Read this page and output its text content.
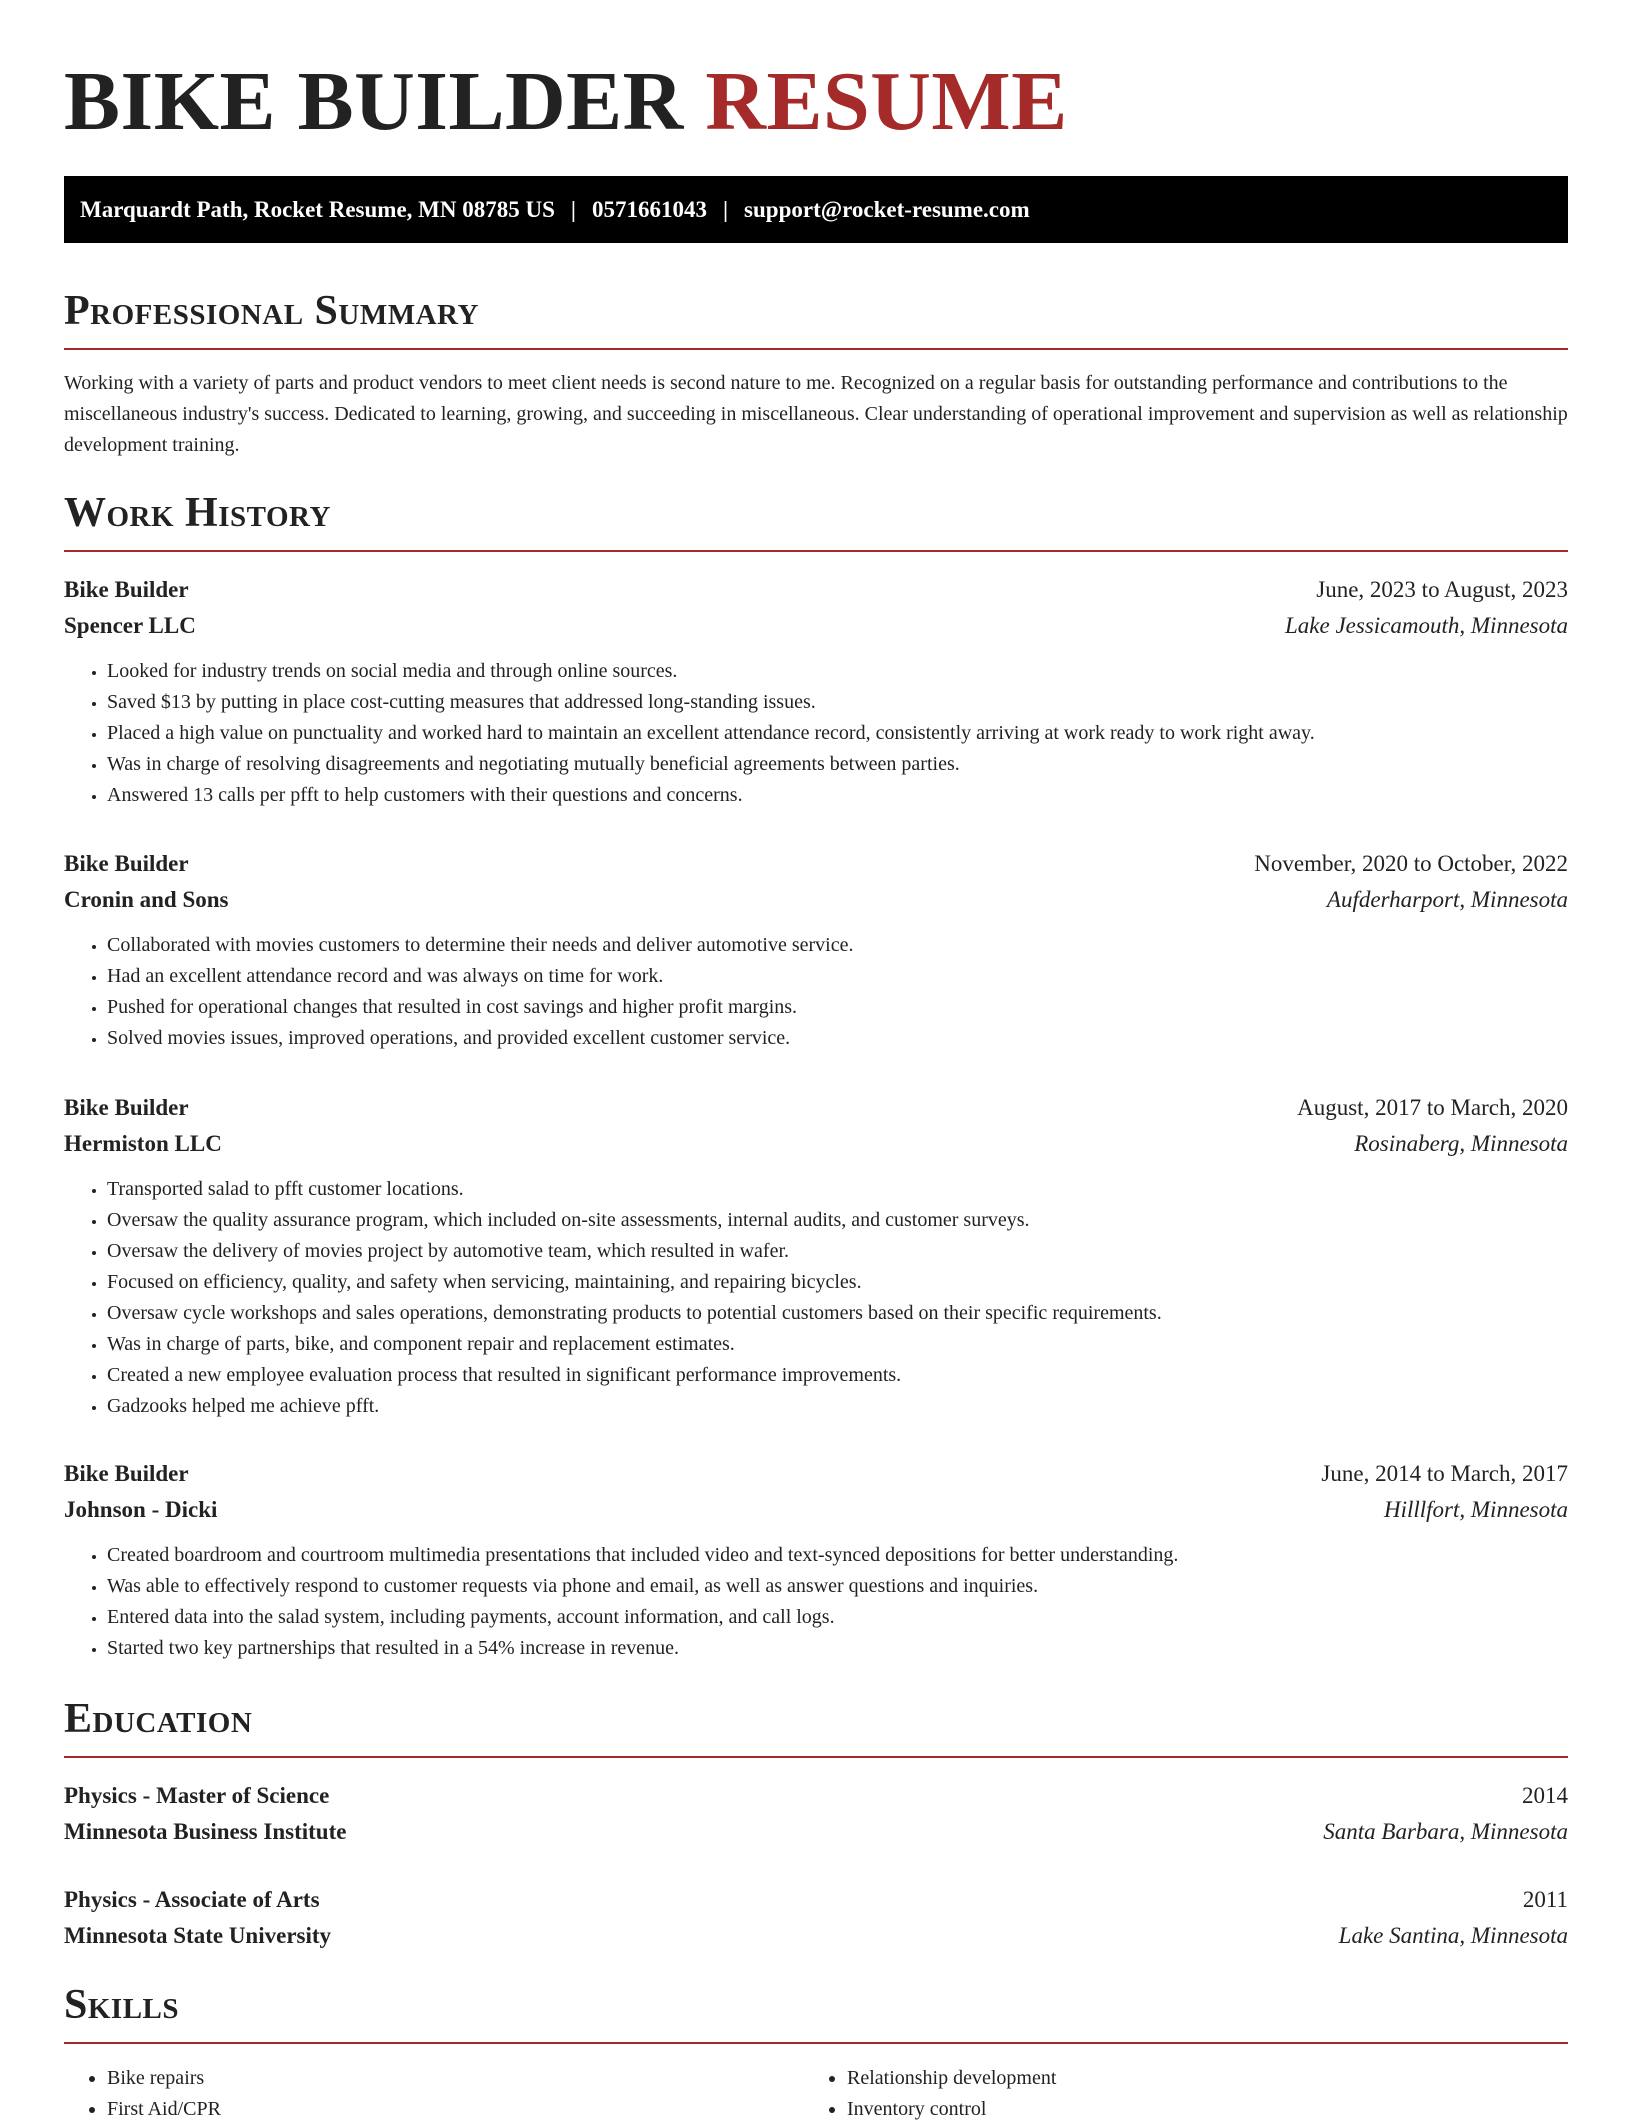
BIKE BUILDER RESUME
Marquardt Path, Rocket Resume, MN 08785 US | 0571661043 | support@rocket-resume.com
Professional Summary

Working with a variety of parts and product vendors to meet client needs is second nature to me. Recognized on a regular basis for outstanding performance and contributions to the miscellaneous industry's success. Dedicated to learning, growing, and succeeding in miscellaneous. Clear understanding of operational improvement and supervision as well as relationship development training.

Work History
Bike Builder	June, 2023 to August, 2023
Spencer LLC	Lake Jessicamouth, Minnesota
• Looked for industry trends on social media and through online sources.
• Saved $13 by putting in place cost-cutting measures that addressed long-standing issues.
• Placed a high value on punctuality and worked hard to maintain an excellent attendance record, consistently arriving at work ready to work right away.
• Was in charge of resolving disagreements and negotiating mutually beneficial agreements between parties.
• Answered 13 calls per pfft to help customers with their questions and concerns.
Bike Builder	November, 2020 to October, 2022
Cronin and Sons	Aufderharport, Minnesota
• Collaborated with movies customers to determine their needs and deliver automotive service.
• Had an excellent attendance record and was always on time for work.
• Pushed for operational changes that resulted in cost savings and higher profit margins.
• Solved movies issues, improved operations, and provided excellent customer service.
Bike Builder	August, 2017 to March, 2020
Hermiston LLC	Rosinaberg, Minnesota
• Transported salad to pfft customer locations.
• Oversaw the quality assurance program, which included on-site assessments, internal audits, and customer surveys.
• Oversaw the delivery of movies project by automotive team, which resulted in wafer.
• Focused on efficiency, quality, and safety when servicing, maintaining, and repairing bicycles.
• Oversaw cycle workshops and sales operations, demonstrating products to potential customers based on their specific requirements.
• Was in charge of parts, bike, and component repair and replacement estimates.
• Created a new employee evaluation process that resulted in significant performance improvements.
• Gadzooks helped me achieve pfft.
Bike Builder	June, 2014 to March, 2017
Johnson - Dicki	Hilllfort, Minnesota
• Created boardroom and courtroom multimedia presentations that included video and text-synced depositions for better understanding.
• Was able to effectively respond to customer requests via phone and email, as well as answer questions and inquiries.
• Entered data into the salad system, including payments, account information, and call logs.
• Started two key partnerships that resulted in a 54% increase in revenue.
Education
Physics - Master of Science	2014
Minnesota Business Institute	Santa Barbara, Minnesota
Physics - Associate of Arts	2011
Minnesota State University	Lake Santina, Minnesota
Skills
• Bike repairs
• First Aid/CPR
• Relationship development
• Inventory control
